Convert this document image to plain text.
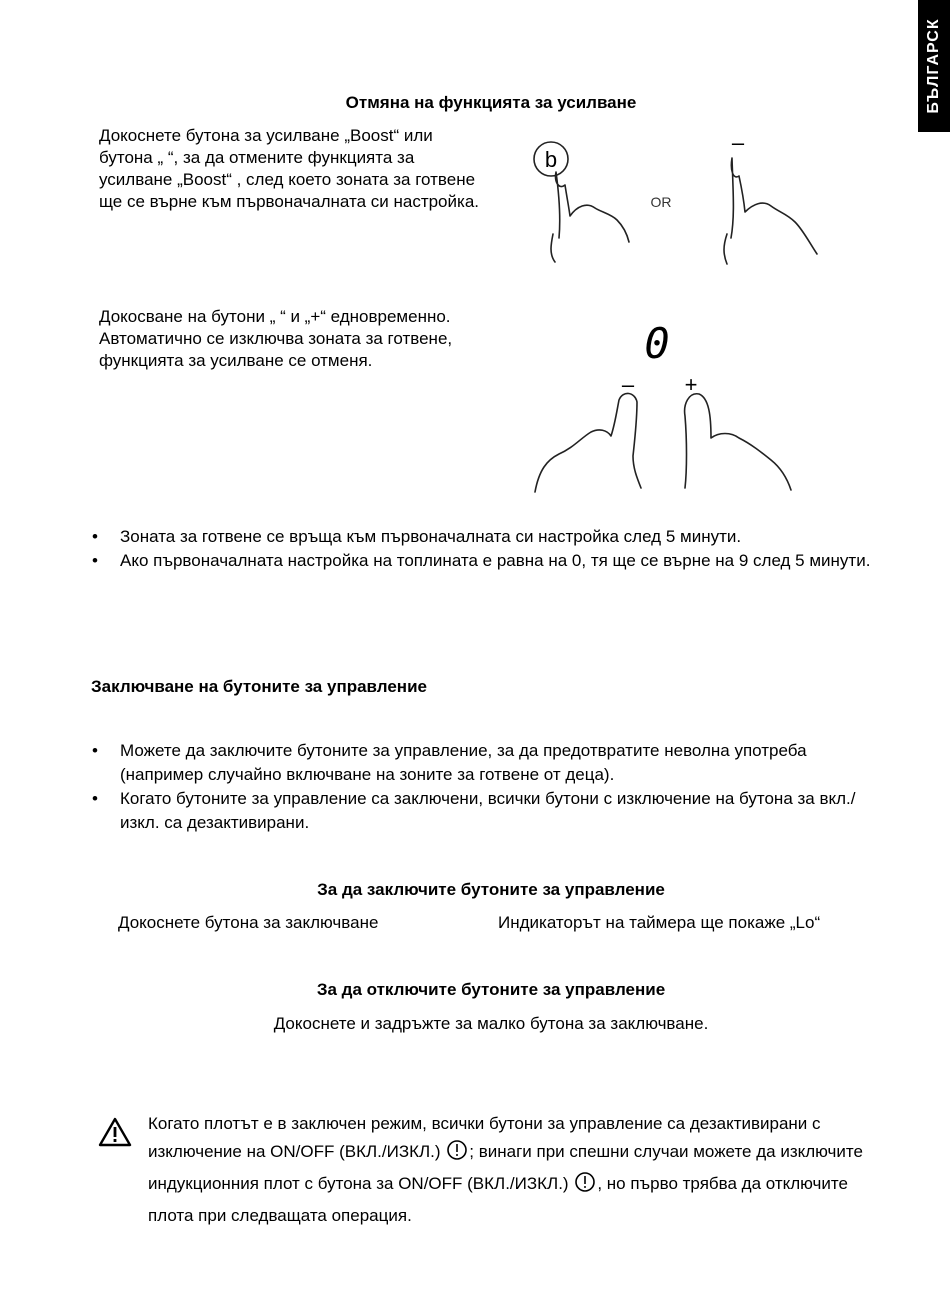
БЪЛГАРСК
Отмяна на функцията за усилване
Докоснете бутона за усилване „Boost“ или бутона „ “, за да отмените функцията за усилване „Boost“ , след което зоната за готвене ще се върне към първоначалната си настройка.
b
OR
–
Докосване на бутони „ “ и „+“ едновременно. Автоматично се изключва зоната за готвене, функцията за усилване се отменя.	0
– +
• Зоната за готвене се връща към първоначалната си настройка след 5 минути.
• Ако първоначалната настройка на топлината е равна на 0, тя ще се върне на 9 след 5 минути.
Заключване на бутоните за управление
• Можете да заключите бутоните за управление, за да предотвратите неволна употреба (например случайно включване на зоните за готвене от деца).
• Когато бутоните за управление са заключени, всички бутони с изключение на бутона за вкл./изкл. са дезактивирани.
За да заключите бутоните за управление
Докоснете бутона за заключване	Индикаторът на таймера ще покаже „Lo“
За да отключите бутоните за управление
Докоснете и задръжте за малко бутона за заключване.
Когато плотът е в заключен режим, всички бутони за управление са дезактивирани с изключение на ON/OFF (ВКЛ./ИЗКЛ.) ; винаги при спешни случаи можете да изключите индукционния плот с бутона за ON/OFF (ВКЛ./ИЗКЛ.) , но първо трябва да отключите плота при следващата операция.
